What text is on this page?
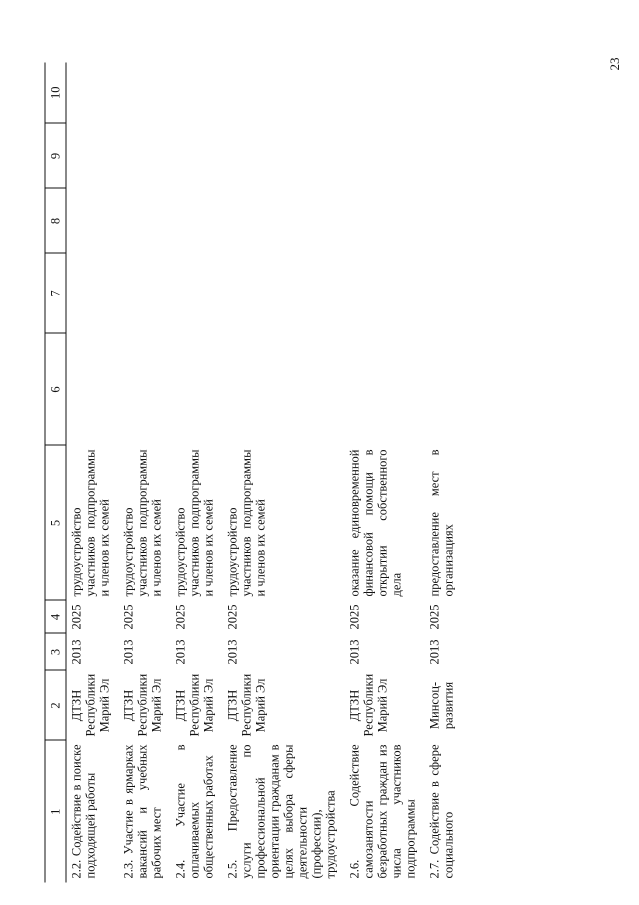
23
1	2	3	4	5	6	7	8	9	10
2.2. Содействие в поиске подходящей работы	ДТЗН Республики Марий Эл	2013	2025	трудоустройство участников подпрограммы и членов их семей					
2.3. Участие в ярмарках вакансий и учебных рабочих мест	ДТЗН Республики Марий Эл	2013	2025	трудоустройство участников подпрограммы и членов их семей					
2.4. Участие в оплачиваемых общественных работах	ДТЗН Республики Марий Эл	2013	2025	трудоустройство участников подпрограммы и членов их семей					
2.5. Предоставление услуги по профессиональной ориентации гражданам в целях выбора сферы деятельности (профессии), трудоустройства	ДТЗН Республики Марий Эл	2013	2025	трудоустройство участников подпрограммы и членов их семей					
2.6. Содействие самозанятости безработных граждан из числа участников подпрограммы	ДТЗН Республики Марий Эл	2013	2025	оказание единовременной финансовой помощи в открытии собственного дела					
2.7. Содействие в сфере социального	Минсоц-развития	2013	2025	предоставление мест в организациях					
